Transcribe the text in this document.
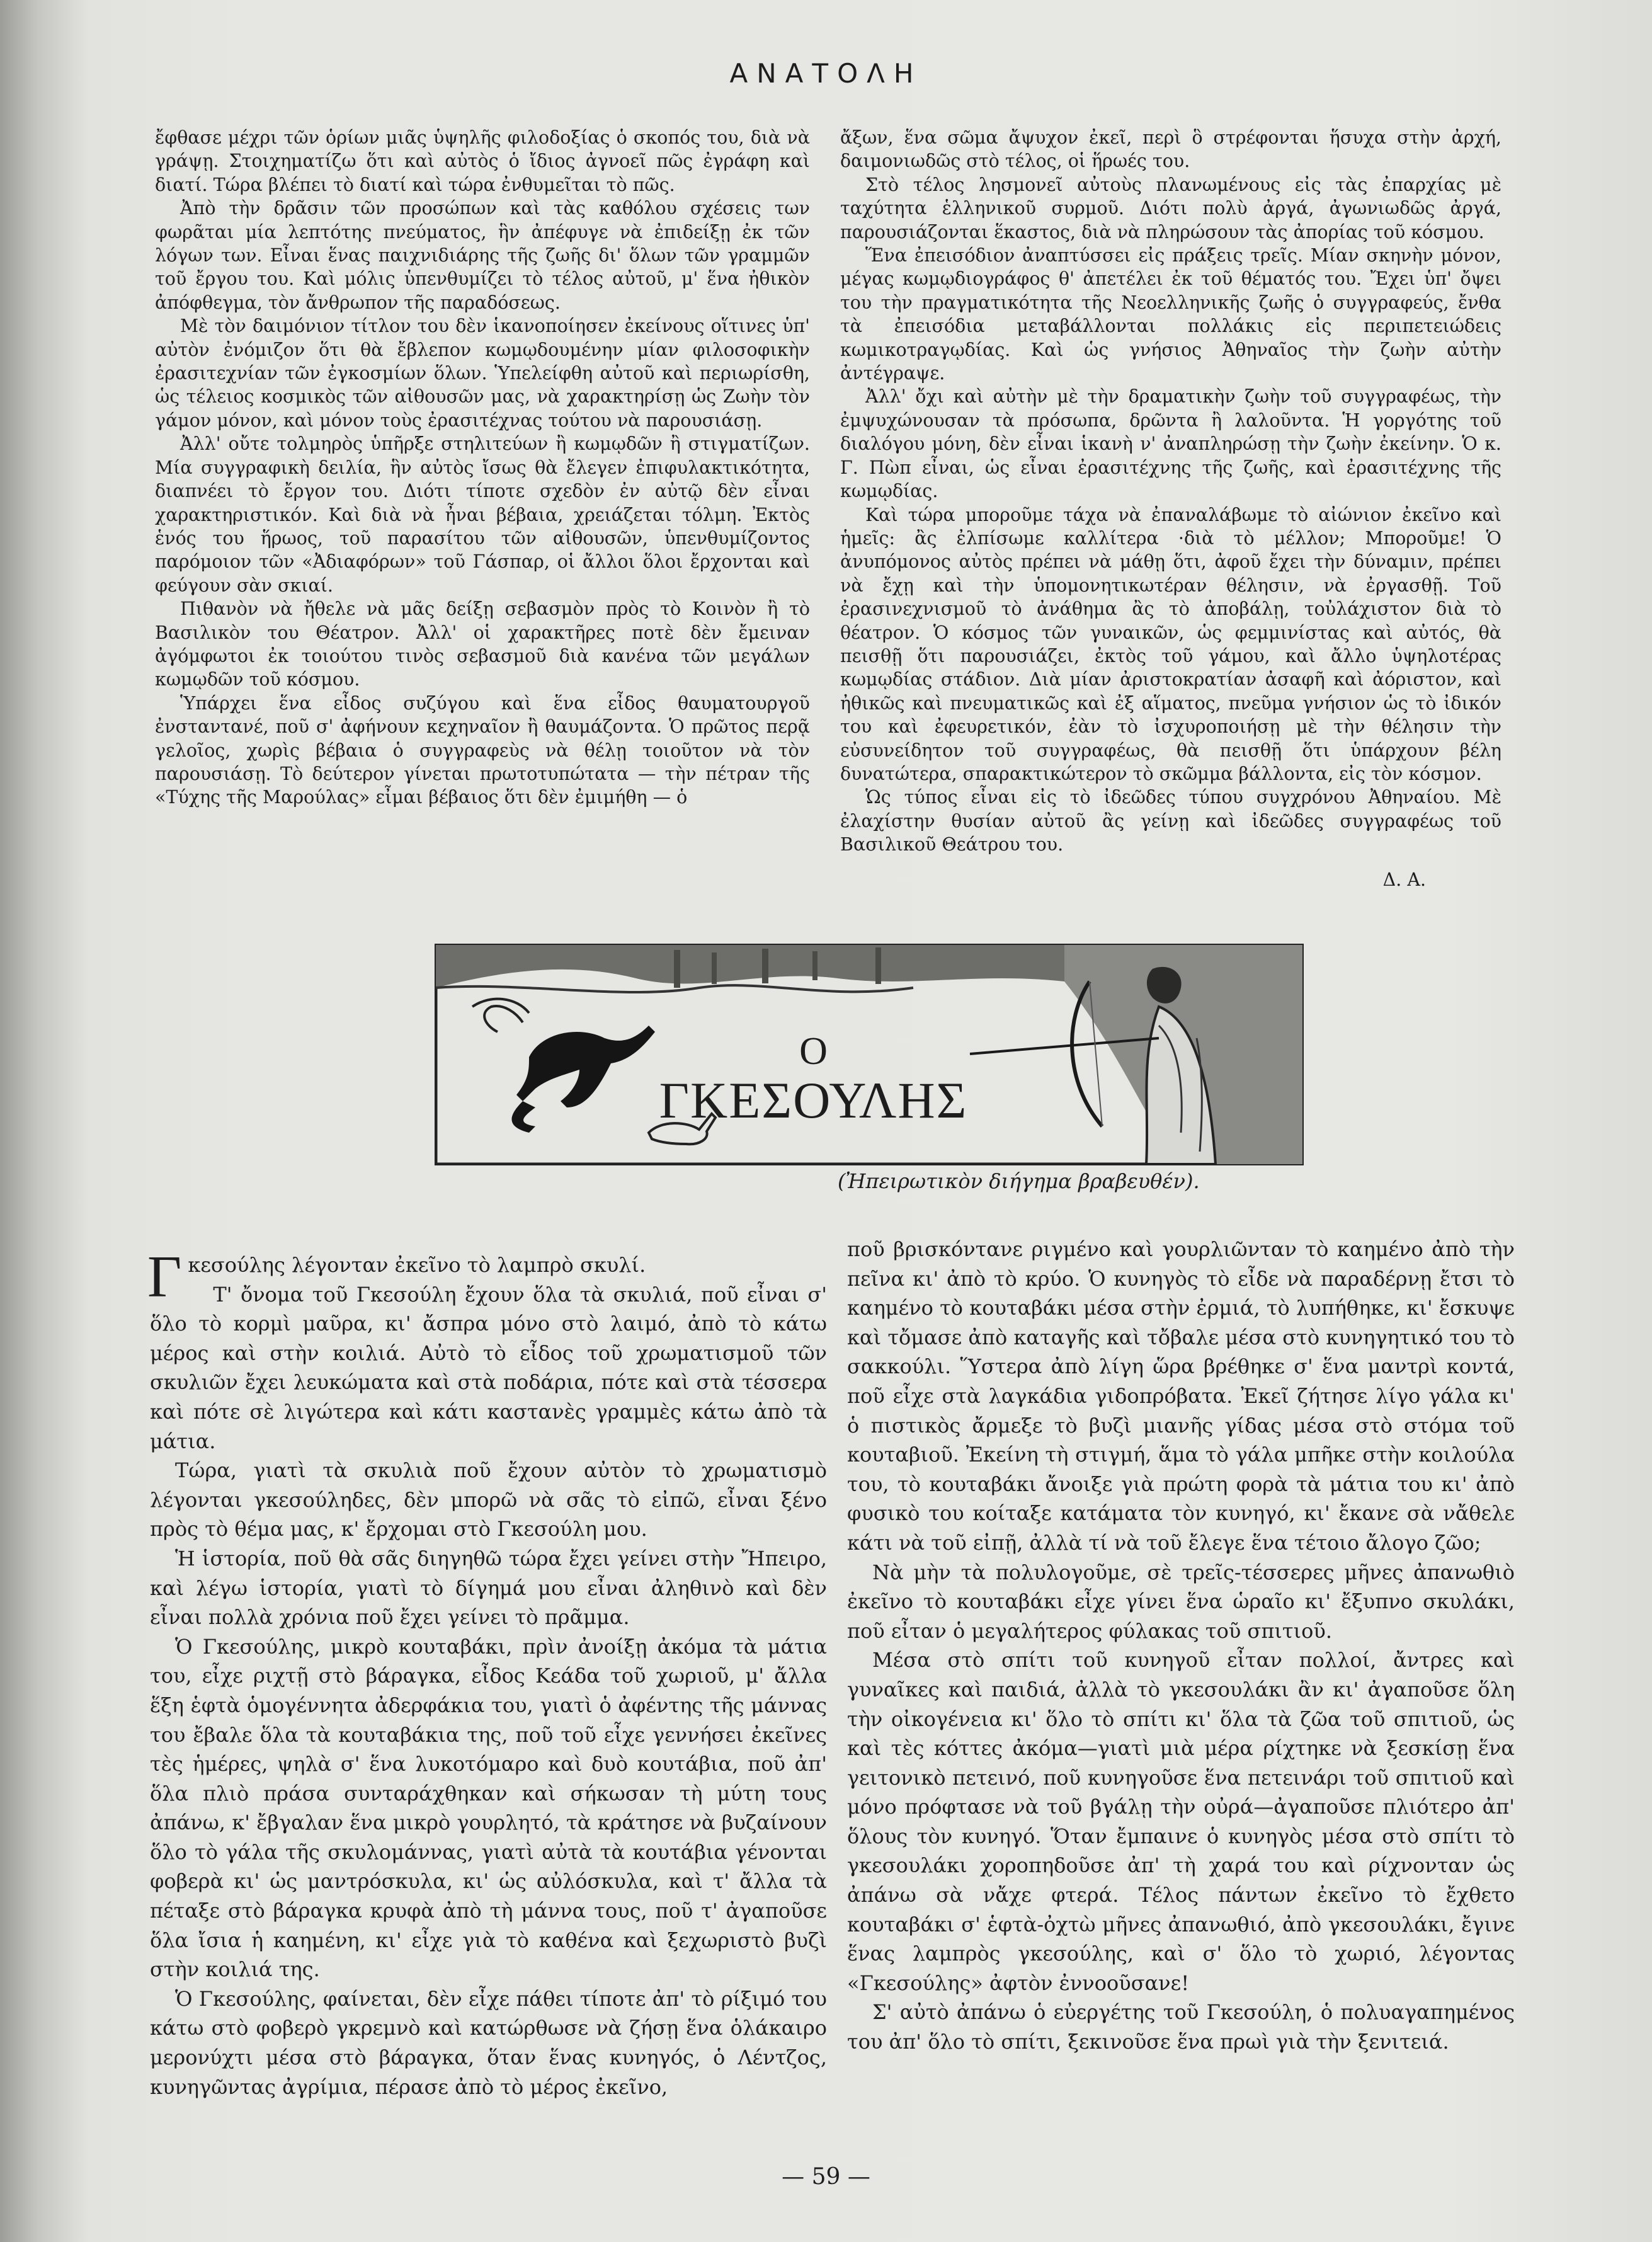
ΑΝΑΤΟΛΗ

ἔφθασε μέχρι τῶν ὁρίων μιᾶς ὑψηλῆς φιλοδοξίας ὁ σκοπός του, διὰ νὰ γράψῃ. Στοιχηματίζω ὅτι καὶ αὐτὸς ὁ ἴδιος ἀγνοεῖ πῶς ἐγράφη καὶ διατί. Τώρα βλέπει τὸ διατί καὶ τώρα ἐνθυμεῖται τὸ πῶς.

Ἀπὸ τὴν δρᾶσιν τῶν προσώπων καὶ τὰς καθόλου σχέσεις των φωρᾶται μία λεπτότης πνεύματος, ἣν ἀπέφυγε νὰ ἐπιδείξῃ ἐκ τῶν λόγων των. Εἶναι ἕνας παιχνιδιάρης τῆς ζωῆς δι' ὅλων τῶν γραμμῶν τοῦ ἔργου του. Καὶ μόλις ὑπενθυμίζει τὸ τέλος αὐτοῦ, μ' ἕνα ἠθικὸν ἀπόφθεγμα, τὸν ἄνθρωπον τῆς παραδόσεως.

Μὲ τὸν δαιμόνιον τίτλον του δὲν ἱκανοποίησεν ἐκείνους οἵτινες ὑπ' αὐτὸν ἐνόμιζον ὅτι θὰ ἔβλεπον κωμῳδουμένην μίαν φιλοσοφικὴν ἐρασιτεχνίαν τῶν ἐγκοσμίων ὅλων. Ὑπελείφθη αὐτοῦ καὶ περιωρίσθη, ὡς τέλειος κοσμικὸς τῶν αἰθουσῶν μας, νὰ χαρακτηρίσῃ ὡς Ζωὴν τὸν γάμον μόνον, καὶ μόνον τοὺς ἐρασιτέχνας τούτου νὰ παρουσιάσῃ.

Ἀλλ' οὔτε τολμηρὸς ὑπῆρξε στηλιτεύων ἢ κωμῳδῶν ἢ στιγματίζων. Μία συγγραφικὴ δειλία, ἣν αὐτὸς ἴσως θὰ ἔλεγεν ἐπιφυλακτικότητα, διαπνέει τὸ ἔργον του. Διότι τίποτε σχεδὸν ἐν αὐτῷ δὲν εἶναι χαρακτηριστικόν. Καὶ διὰ νὰ ἦναι βέβαια, χρειάζεται τόλμη. Ἐκτὸς ἑνός του ἥρωος, τοῦ παρασίτου τῶν αἰθουσῶν, ὑπενθυμίζοντος παρόμοιον τῶν «Ἀδιαφόρων» τοῦ Γάσπαρ, οἱ ἄλλοι ὅλοι ἔρχονται καὶ φεύγουν σὰν σκιαί.

Πιθανὸν νὰ ἤθελε νὰ μᾶς δείξῃ σεβασμὸν πρὸς τὸ Κοινὸν ἢ τὸ Βασιλικὸν του Θέατρον. Ἀλλ' οἱ χαρακτῆρες ποτὲ δὲν ἔμειναν ἀγόμφωτοι ἐκ τοιούτου τινὸς σεβασμοῦ διὰ κανένα τῶν μεγάλων κωμῳδῶν τοῦ κόσμου.

Ὑπάρχει ἕνα εἶδος συζύγου καὶ ἕνα εἶδος θαυματουργοῦ ἐνσταντανέ, ποῦ σ' ἀφήνουν κεχηναῖον ἢ θαυμάζοντα. Ὁ πρῶτος περᾷ γελοῖος, χωρὶς βέβαια ὁ συγγραφεὺς νὰ θέλῃ τοιοῦτον νὰ τὸν παρουσιάσῃ. Τὸ δεύτερον γίνεται πρωτοτυπώτατα — τὴν πέτραν τῆς «Τύχης τῆς Μαρούλας» εἶμαι βέβαιος ὅτι δὲν ἐμιμήθη — ὁ

ἄξων, ἕνα σῶμα ἄψυχον ἐκεῖ, περὶ ὃ στρέφονται ἥσυχα στὴν ἀρχή, δαιμονιωδῶς στὸ τέλος, οἱ ἥρωές του.

Στὸ τέλος λησμονεῖ αὐτοὺς πλανωμένους εἰς τὰς ἐπαρχίας μὲ ταχύτητα ἑλληνικοῦ συρμοῦ. Διότι πολὺ ἀργά, ἀγωνιωδῶς ἀργά, παρουσιάζονται ἕκαστος, διὰ νὰ πληρώσουν τὰς ἀπορίας τοῦ κόσμου.

Ἕνα ἐπεισόδιον ἀναπτύσσει εἰς πράξεις τρεῖς. Μίαν σκηνὴν μόνον, μέγας κωμῳδιογράφος θ' ἀπετέλει ἐκ τοῦ θέματός του. Ἔχει ὑπ' ὄψει του τὴν πραγματικότητα τῆς Νεοελληνικῆς ζωῆς ὁ συγγραφεύς, ἔνθα τὰ ἐπεισόδια μεταβάλλονται πολλάκις εἰς περιπετειώδεις κωμικοτραγῳδίας. Καὶ ὡς γνήσιος Ἀθηναῖος τὴν ζωὴν αὐτὴν ἀντέγραψε.

Ἀλλ' ὄχι καὶ αὐτὴν μὲ τὴν δραματικὴν ζωὴν τοῦ συγγραφέως, τὴν ἐμψυχώνουσαν τὰ πρόσωπα, δρῶντα ἢ λαλοῦντα. Ἡ γοργότης τοῦ διαλόγου μόνη, δὲν εἶναι ἱκανὴ ν' ἀναπληρώσῃ τὴν ζωὴν ἐκείνην. Ὁ κ. Γ. Πὼπ εἶναι, ὡς εἶναι ἐρασιτέχνης τῆς ζωῆς, καὶ ἐρασιτέχνης τῆς κωμῳδίας.

Καὶ τώρα μποροῦμε τάχα νὰ ἐπαναλάβωμε τὸ αἰώνιον ἐκεῖνο καὶ ἡμεῖς: ἂς ἐλπίσωμε καλλίτερα ·διὰ τὸ μέλλον; Μποροῦμε! Ὁ ἀνυπόμονος αὐτὸς πρέπει νὰ μάθῃ ὅτι, ἀφοῦ ἔχει τὴν δύναμιν, πρέπει νὰ ἔχῃ καὶ τὴν ὑπομονητικωτέραν θέλησιν, νὰ ἐργασθῇ. Τοῦ ἐρασινεχνισμοῦ τὸ ἀνάθημα ἂς τὸ ἀποβάλῃ, τοὐλάχιστον διὰ τὸ θέατρον. Ὁ κόσμος τῶν γυναικῶν, ὡς φεμμινίστας καὶ αὐτός, θὰ πεισθῇ ὅτι παρουσιάζει, ἐκτὸς τοῦ γάμου, καὶ ἄλλο ὑψηλοτέρας κωμῳδίας στάδιον. Διὰ μίαν ἀριστοκρατίαν ἀσαφῆ καὶ ἀόριστον, καὶ ἠθικῶς καὶ πνευματικῶς καὶ ἐξ αἵματος, πνεῦμα γνήσιον ὡς τὸ ἰδικόν του καὶ ἐφευρετικόν, ἐὰν τὸ ἰσχυροποιήσῃ μὲ τὴν θέλησιν τὴν εὐσυνείδητον τοῦ συγγραφέως, θὰ πεισθῇ ὅτι ὑπάρχουν βέλη δυνατώτερα, σπαρακτικώτερον τὸ σκῶμμα βάλλοντα, εἰς τὸν κόσμον.

Ὡς τύπος εἶναι εἰς τὸ ἰδεῶδες τύπου συγχρόνου Ἀθηναίου. Μὲ ἐλαχίστην θυσίαν αὐτοῦ ἂς γείνῃ καὶ ἰδεῶδες συγγραφέως τοῦ Βασιλικοῦ Θεάτρου του.

Δ. Α.
Ο
ΓΚΕΣΟΥΛΗΣ
(Ἠπειρωτικὸν διήγημα βραβευθέν).

Γκεσούλης λέγονταν ἐκεῖνο τὸ λαμπρὸ σκυλί.

Τ' ὄνομα τοῦ Γκεσούλη ἔχουν ὅλα τὰ σκυλιά, ποῦ εἶναι σ' ὅλο τὸ κορμὶ μαῦρα, κι' ἄσπρα μόνο στὸ λαιμό, ἀπὸ τὸ κάτω μέρος καὶ στὴν κοιλιά. Αὐτὸ τὸ εἶδος τοῦ χρωματισμοῦ τῶν σκυλιῶν ἔχει λευκώματα καὶ στὰ ποδάρια, πότε καὶ στὰ τέσσερα καὶ πότε σὲ λιγώτερα καὶ κάτι καστανὲς γραμμὲς κάτω ἀπὸ τὰ μάτια.

Τώρα, γιατὶ τὰ σκυλιὰ ποῦ ἔχουν αὐτὸν τὸ χρωματισμὸ λέγονται γκεσούληδες, δὲν μπορῶ νὰ σᾶς τὸ εἰπῶ, εἶναι ξένο πρὸς τὸ θέμα μας, κ' ἔρχομαι στὸ Γκεσούλη μου.

Ἡ ἱστορία, ποῦ θὰ σᾶς διηγηθῶ τώρα ἔχει γείνει στὴν Ἤπειρο, καὶ λέγω ἱστορία, γιατὶ τὸ δίγημά μου εἶναι ἀληθινὸ καὶ δὲν εἶναι πολλὰ χρόνια ποῦ ἔχει γείνει τὸ πρᾶμμα.

Ὁ Γκεσούλης, μικρὸ κουταβάκι, πρὶν ἀνοίξῃ ἀκόμα τὰ μάτια του, εἶχε ριχτῇ στὸ βάραγκα, εἶδος Κεάδα τοῦ χωριοῦ, μ' ἄλλα ἕξη ἑφτὰ ὁμογέννητα ἀδερφάκια του, γιατὶ ὁ ἀφέντης τῆς μάννας του ἔβαλε ὅλα τὰ κουταβάκια της, ποῦ τοῦ εἶχε γεννήσει ἐκεῖνες τὲς ἡμέρες, ψηλὰ σ' ἕνα λυκοτόμαρο καὶ δυὸ κουτάβια, ποῦ ἀπ' ὅλα πλιὸ πράσα συνταράχθηκαν καὶ σήκωσαν τὴ μύτη τους ἀπάνω, κ' ἔβγαλαν ἕνα μικρὸ γουρλητό, τὰ κράτησε νὰ βυζαίνουν ὅλο τὸ γάλα τῆς σκυλομάννας, γιατὶ αὐτὰ τὰ κουτάβια γένονται φοβερὰ κι' ὡς μαντρόσκυλα, κι' ὡς αὐλόσκυλα, καὶ τ' ἄλλα τὰ πέταξε στὸ βάραγκα κρυφὰ ἀπὸ τὴ μάννα τους, ποῦ τ' ἀγαποῦσε ὅλα ἴσια ἡ καημένη, κι' εἶχε γιὰ τὸ καθένα καὶ ξεχωριστὸ βυζὶ στὴν κοιλιά της.

Ὁ Γκεσούλης, φαίνεται, δὲν εἶχε πάθει τίποτε ἀπ' τὸ ρίξιμό του κάτω στὸ φοβερὸ γκρεμνὸ καὶ κατώρθωσε νὰ ζήσῃ ἕνα ὁλάκαιρο μερονύχτι μέσα στὸ βάραγκα, ὅταν ἕνας κυνηγός, ὁ Λέντζος, κυνηγῶντας ἀγρίμια, πέρασε ἀπὸ τὸ μέρος ἐκεῖνο,

ποῦ βρισκόντανε ριγμένο καὶ γουρλιῶνταν τὸ καημένο ἀπὸ τὴν πεῖνα κι' ἀπὸ τὸ κρύο. Ὁ κυνηγὸς τὸ εἶδε νὰ παραδέρνῃ ἔτσι τὸ καημένο τὸ κουταβάκι μέσα στὴν ἐρμιά, τὸ λυπήθηκε, κι' ἔσκυψε καὶ τὄμασε ἀπὸ καταγῆς καὶ τὄβαλε μέσα στὸ κυνηγητικό του τὸ σακκούλι. Ὕστερα ἀπὸ λίγη ὥρα βρέθηκε σ' ἕνα μαντρὶ κοντά, ποῦ εἶχε στὰ λαγκάδια γιδοπρόβατα. Ἐκεῖ ζήτησε λίγο γάλα κι' ὁ πιστικὸς ἄρμεξε τὸ βυζὶ μιανῆς γίδας μέσα στὸ στόμα τοῦ κουταβιοῦ. Ἐκείνη τὴ στιγμή, ἅμα τὸ γάλα μπῆκε στὴν κοιλούλα του, τὸ κουταβάκι ἄνοιξε γιὰ πρώτη φορὰ τὰ μάτια του κι' ἀπὸ φυσικὸ του κοίταξε κατάματα τὸν κυνηγό, κι' ἔκανε σὰ νἄθελε κάτι νὰ τοῦ εἰπῇ, ἀλλὰ τί νὰ τοῦ ἔλεγε ἕνα τέτοιο ἄλογο ζῶο;

Νὰ μὴν τὰ πολυλογοῦμε, σὲ τρεῖς-τέσσερες μῆνες ἀπανωθιὸ ἐκεῖνο τὸ κουταβάκι εἶχε γίνει ἕνα ὡραῖο κι' ἔξυπνο σκυλάκι, ποῦ εἶταν ὁ μεγαλήτερος φύλακας τοῦ σπιτιοῦ.

Μέσα στὸ σπίτι τοῦ κυνηγοῦ εἶταν πολλοί, ἄντρες καὶ γυναῖκες καὶ παιδιά, ἀλλὰ τὸ γκεσουλάκι ἂν κι' ἀγαποῦσε ὅλη τὴν οἰκογένεια κι' ὅλο τὸ σπίτι κι' ὅλα τὰ ζῶα τοῦ σπιτιοῦ, ὡς καὶ τὲς κόττες ἀκόμα—γιατὶ μιὰ μέρα ρίχτηκε νὰ ξεσκίσῃ ἕνα γειτονικὸ πετεινό, ποῦ κυνηγοῦσε ἕνα πετεινάρι τοῦ σπιτιοῦ καὶ μόνο πρόφτασε νὰ τοῦ βγάλῃ τὴν οὐρά—ἀγαποῦσε πλιότερο ἀπ' ὅλους τὸν κυνηγό. Ὅταν ἔμπαινε ὁ κυνηγὸς μέσα στὸ σπίτι τὸ γκεσουλάκι χοροπηδοῦσε ἀπ' τὴ χαρά του καὶ ρίχνονταν ὡς ἀπάνω σὰ νἄχε φτερά. Τέλος πάντων ἐκεῖνο τὸ ἔχθετο κουταβάκι σ' ἑφτὰ-ὀχτὼ μῆνες ἀπανωθιό, ἀπὸ γκεσουλάκι, ἔγινε ἕνας λαμπρὸς γκεσούλης, καὶ σ' ὅλο τὸ χωριό, λέγοντας «Γκεσούλης» ἀφτὸν ἐννοοῦσανε!

Σ' αὐτὸ ἀπάνω ὁ εὐεργέτης τοῦ Γκεσούλη, ὁ πολυαγαπημένος του ἀπ' ὅλο τὸ σπίτι, ξεκινοῦσε ἕνα πρωὶ γιὰ τὴν ξενιτειά.

— 59 —
